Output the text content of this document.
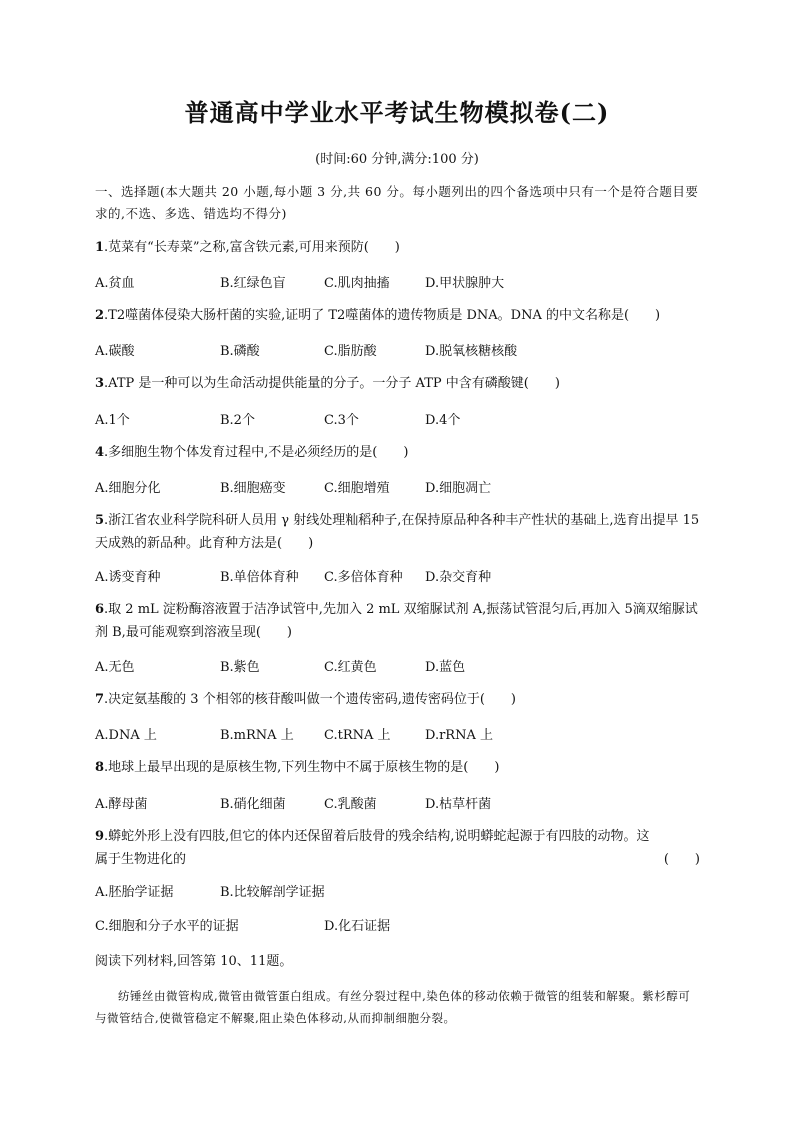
普通高中学业水平考试生物模拟卷(二)
(时间:60 分钟,满分:100 分)
一、选择题(本大题共 20 小题,每小题 3 分,共 60 分。每小题列出的四个备选项中只有一个是符合题目要求的,不选、多选、错选均不得分)
1.苋菜有“长寿菜”之称,富含铁元素,可用来预防(　　)
A.贫血	B.红绿色盲	C.肌肉抽搐	D.甲状腺肿大
2.T2噬菌体侵染大肠杆菌的实验,证明了 T2噬菌体的遗传物质是 DNA。DNA 的中文名称是(　　)
A.碳酸	B.磷酸	C.脂肪酸	D.脱氧核糖核酸
3.ATP 是一种可以为生命活动提供能量的分子。一分子 ATP 中含有磷酸键(　　)
A.1个	B.2个	C.3个	D.4个
4.多细胞生物个体发育过程中,不是必须经历的是(　　)
A.细胞分化	B.细胞癌变	C.细胞增殖	D.细胞凋亡
5.浙江省农业科学院科研人员用 γ 射线处理籼稻种子,在保持原品种各种丰产性状的基础上,选育出提早 15天成熟的新品种。此育种方法是(　　)
A.诱变育种	B.单倍体育种 C.多倍体育种 D.杂交育种
6.取 2 mL 淀粉酶溶液置于洁净试管中,先加入 2 mL 双缩脲试剂 A,振荡试管混匀后,再加入 5滴双缩脲试剂 B,最可能观察到溶液呈现(　　)
A.无色	B.紫色	C.红黄色	D.蓝色
7.决定氨基酸的 3 个相邻的核苷酸叫做一个遗传密码,遗传密码位于(　　)
A.DNA 上	B.mRNA 上 C.tRNA 上	D.rRNA 上
8.地球上最早出现的是原核生物,下列生物中不属于原核生物的是(　　)
A.酵母菌	B.硝化细菌	C.乳酸菌	D.枯草杆菌
9.蟒蛇外形上没有四肢,但它的体内还保留着后肢骨的残余结构,说明蟒蛇起源于有四肢的动物。这属于生物进化的	(　　)
A.胚胎学证据	B.比较解剖学证据
C.细胞和分子水平的证据	D.化石证据
阅读下列材料,回答第 10、11题。
纺锤丝由微管构成,微管由微管蛋白组成。有丝分裂过程中,染色体的移动依赖于微管的组装和解聚。紫杉醇可与微管结合,使微管稳定不解聚,阻止染色体移动,从而抑制细胞分裂。
